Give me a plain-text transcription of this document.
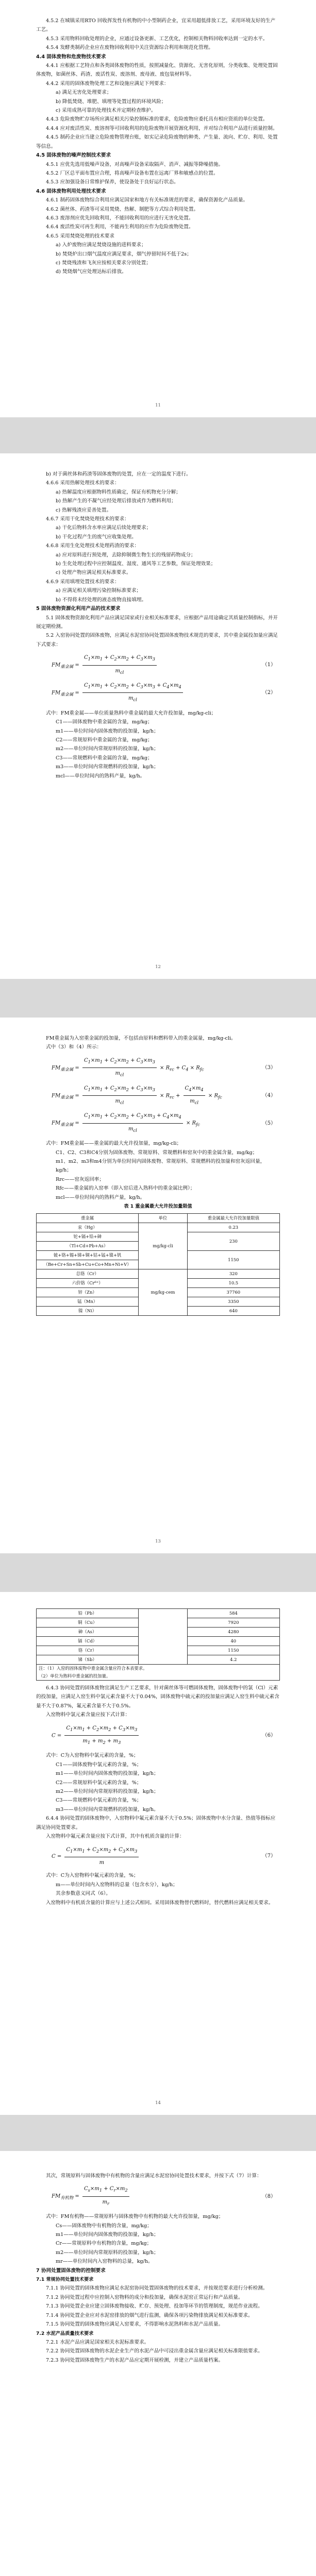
4.5.2 在城镇采用RTO 回收挥发性有机物的中小型制药企业，宜采用超低排放工艺，采用环境友好的生产工艺。

4.5.3 采用物料回收处理的企业，应通过设备更新、工艺优化，控制相关物料回收率达到一定的水平。

4.5.4 发酵类制药企业应在废物回收利用中关注资源综合利用和规范化管理。

4.4 固体废物和危废物技术要求

4.4.1 应根据工艺特点和各类固体废物的性质，按照减量化、资源化、无害化原则，分类收集、处理处置固体废物，如菌丝体、药渣、废活性炭、废溶剂、废母液、废包装材料等。

4.4.2 采用的固体废物处理工艺和设施应满足下列要求：

a) 满足无害化处理要求；

b) 降低焚烧、堆肥、填埋等处置过程的环境风险；

c) 采用成熟可靠的处理技术并定期检查维护。

4.4.3 危险废物贮存场所应满足相关污染控制标准的要求，危险废物应委托具有相应资质的单位处置。

4.4.4 应对废活性炭、废溶剂等可回收利用的危险废物开展资源化利用，并对综合利用产品进行质量控制。

4.4.5 制药企业应当建立危险废物管理台账，如实记录危险废物的种类、产生量、流向、贮存、利用、处置等信息。

4.5 固体废物的噪声控制技术要求

4.5.1 应优先选用低噪声设备，对高噪声设备采取隔声、消声、减振等降噪措施。

4.5.2 厂区总平面布置应合理，将高噪声设备布置在远离厂界和敏感点的位置。

4.5.3 应加强设备日常维护保养，使设备处于良好运行状态。

4.6 固体废物利用处理技术要求

4.6.1 制药固体废物综合利用应满足国家和地方有关标准规范的要求，确保资源化产品质量。

4.6.2 菌丝体、药渣等可采用焚烧、热解、制肥等方式综合利用处置。

4.6.3 废溶剂应优先回收利用，不能回收利用的应进行无害化处置。

4.6.4 废活性炭可再生利用，不能再生利用的应作为危险废物处置。

4.6.5 采用焚烧处理的技术要求

a) 入炉废物应满足焚烧设施的进料要求；

b) 焚烧炉出口烟气温度应满足要求，烟气停留时间不低于2s；

c) 焚烧残渣和飞灰应按相关要求分别处置；

d) 焚烧烟气应处理达标后排放。

11

b) 对于菌丝体和药渣等固体废物的处置，应在一定的温度下进行。

4.6.6 采用热解处理技术的要求：

a) 热解温度应根据物料性质确定，保证有机物充分分解；

b) 热解产生的不凝气应经处理后排放或作为燃料利用；

c) 热解残渣应妥善处置。

4.6.7 采用干化焚烧处理技术的要求：

a) 干化后物料含水率应满足后续处理要求；

b) 干化过程产生的废气应收集处理。

4.6.8 采用生化处理技术处理药渣的要求：

a) 应对原料进行预处理，去除抑制微生物生长的残留药物成分；

b) 生化处理过程中应控制温度、湿度、通风等工艺参数，保证处理效果；

c) 处理产物应满足相关标准要求。

4.6.9 采用填埋处置技术的要求：

a) 应满足相关填埋污染控制标准要求；

b) 不得将未经处理的液态废物直接填埋。

5 固体废物资源化利用产品的技术要求

5.1 固体废物资源化利用产品应满足国家或行业相关标准要求，应根据产品用途确定其质量控制指标，并开展定期检测。

5.2 入窑协同处置的固体废物，应满足水泥窑协同处置固体废物技术规范的要求，其中重金属投加量应满足下式要求：

$FM_{重金属} = \frac{C_1\times m_1 + C_2\times m_2 + C_3\times m_3}{m_{cl}}$	（1）
$FM_{重金属} = \frac{C_1\times m_1 + C_2\times m_2 + C_3\times m_3 + C_4\times m_4}{m_{cl}}$	（2）

式中：FM重金属——单位质量熟料中重金属的最大允许投加量，mg/kg-cli；

C1——固体废物中重金属的含量，mg/kg；

m1——单位时间内固体废物的投加量，kg/h；

C2——常规原料中重金属的含量，mg/kg；

m2——单位时间内常规原料的投加量，kg/h；

C3——常规燃料中重金属的含量，mg/kg；

m3——单位时间内常规燃料的投加量，kg/h；

mcl——单位时间内的熟料产量，kg/h。

12

FM重金属为入窑重金属的投加量，不包括由原料和燃料带入的重金属量，mg/kg-cli。

式中（3）和（4）所示：

$FM_{重金属} = \frac{C_1\times m_1 + C_2\times m_2 + C_3\times m_3}{m_{cl}} \times R_{rc} + C_4 \times R_{fc}$	（3）
$FM_{重金属} = \frac{C_1\times m_1 + C_2\times m_2 + C_3\times m_3}{m_{cl}} \times R_{rc} + \frac{C_4\times m_4}{m_{cl}} \times R_{fc}$	（4）
$FM_{重金属} = \frac{C_1\times m_1 + C_2\times m_2 + C_3\times m_3 + C_4\times m_4}{m_{cl}} \times R_{fc}$	（5）

式中：FM重金属——重金属的最大允许投加量，mg/kg-cli；

C1、C2、C3和C4分别为固体废物、常规原料、常规燃料和窑灰中的重金属含量，mg/kg；

m1、m2、m3和m4分别为单位时间内固体废物、常规原料、常规燃料的投加量和窑灰返回量，kg/h；

Rrc——窑灰返回率；

Rfc——重金属的入窑率（即入窑后进入熟料中的重金属比例）；

mcl——单位时间内的熟料产量，kg/h。

表 1 重金属最大允许投加量限值

重金属	单位	重金属最大允许投加量限值
汞（Hg）	mg/kg-cli	0.23
铊+镉+铅+砷		230
（Tl+Cd+Pb+As）		
铍+铬+锡+锑+铜+钴+锰+镍+钒		1150
（Be+Cr+Sn+Sb+Cu+Co+Mn+Ni+V）		
总铬（Cr）	mg/kg-cem	320
六价铬（Cr⁶⁺）		10.5
锌（Zn）		37760
锰（Mn）		3350
镍（Ni）		640
13
铅（Pb）		584
铜（Cu）		7920
砷（As）		4280
镉（Cd）		40
铬（Cr）		1150
锑（Sb）		4.2

注：（1）入窑的固体废物中重金属含量应符合本表要求。
（2）单位为熟料中重金属的投加量。		

6.4.3 协同处置的固体废物宜满足生产工艺要求，针对菌丝体等可燃固体废物，固体废物中的氯（Cl）元素的投加量，应满足入窑生料中氯元素含量不大于0.04%，固体废物中硫元素的投加量应满足入窑生料中硫元素含量不大于0.87%，氟元素含量不大于0.5%。

入窑物料中氯元素含量应按下式计算：

$C = \frac{C_1\times m_1 + C_2\times m_2 + C_3\times m_3}{m_1 + m_2 + m_3}$	（6）

式中：C为入窑物料中氯元素的含量，%；

C1——固体废物中氯元素的含量，%；

m1——单位时间内固体废物的投加量，kg/h；

C2——常规原料中氯元素的含量，%；

m2——单位时间内常规原料的投加量，kg/h；

C3——常规燃料中氯元素的含量，%；

m3——单位时间内常规燃料的投加量，kg/h。

6.4.4 协同处置的固体废物中，入窑物料中氟元素含量不大于0.5%；固体废物中水分含量、热值等指标应满足协同处置要求。

入窑物料中氟元素含量应按下式计算，其中有机质含量的计算：

$C = \frac{C_1\times m_1 + C_2\times m_2 + C_3\times m_3}{m}$	（7）

式中：C为入窑物料中氟元素的含量，%；

m——单位时间内入窑物料的总量（包含水分），kg/h；

其余参数意义同式（6）。

入窑物料中有机质含量的计算应与上述公式相同。采用固体废物替代燃料时，替代燃料应满足相关要求。

14

其次，常规原料与固体废物中有机物的含量应满足水泥窑协同处置技术要求，并按下式（7）计算：

$FM_{有机物} = \frac{C_s\times m_1 + C_r\times m_2}{m_r}$	（8）

式中：FM有机物——常规原料与固体废物中有机物的最大允许投加量，mg/kg；

Cs——固体废物中有机物的含量，mg/kg；

m1——单位时间内固体废物的投加量，kg/h；

Cr——常规原料中有机物的含量，mg/kg；

m2——单位时间内常规原料的投加量，kg/h；

mr——单位时间内入窑物料的总量，kg/h。

7 协同处置固体废物的控制要求

7.1 常规协同处置技术要求

7.1.1 协同处置的固体废物应满足水泥窑协同处置固体废物的技术要求，并按规范要求进行分析检测。

7.1.2 协同处置过程中应控制入窑物料的成分和投加量，确保水泥窑正常运行和产品质量。

7.1.3 协同处置企业应建立固体废物接收、贮存、预处理、投加等环节的管理制度，规范作业流程。

7.1.4 协同处置企业应对水泥窑排放的烟气进行监测，确保各项污染物排放满足相关标准要求。

7.1.5 协同处置的固体废物应满足入窑要求，不得影响水泥熟料和水泥产品质量。

7.2 水泥产品质量技术要求

7.2.1 水泥产品应满足国家相关水泥标准要求。

7.2.2 协同处置固体废物的水泥企业生产的水泥产品中可浸出重金属含量应满足相关标准限值要求。

7.2.3 协同处置固体废物生产的水泥产品应定期开展检测，并建立产品质量档案。
